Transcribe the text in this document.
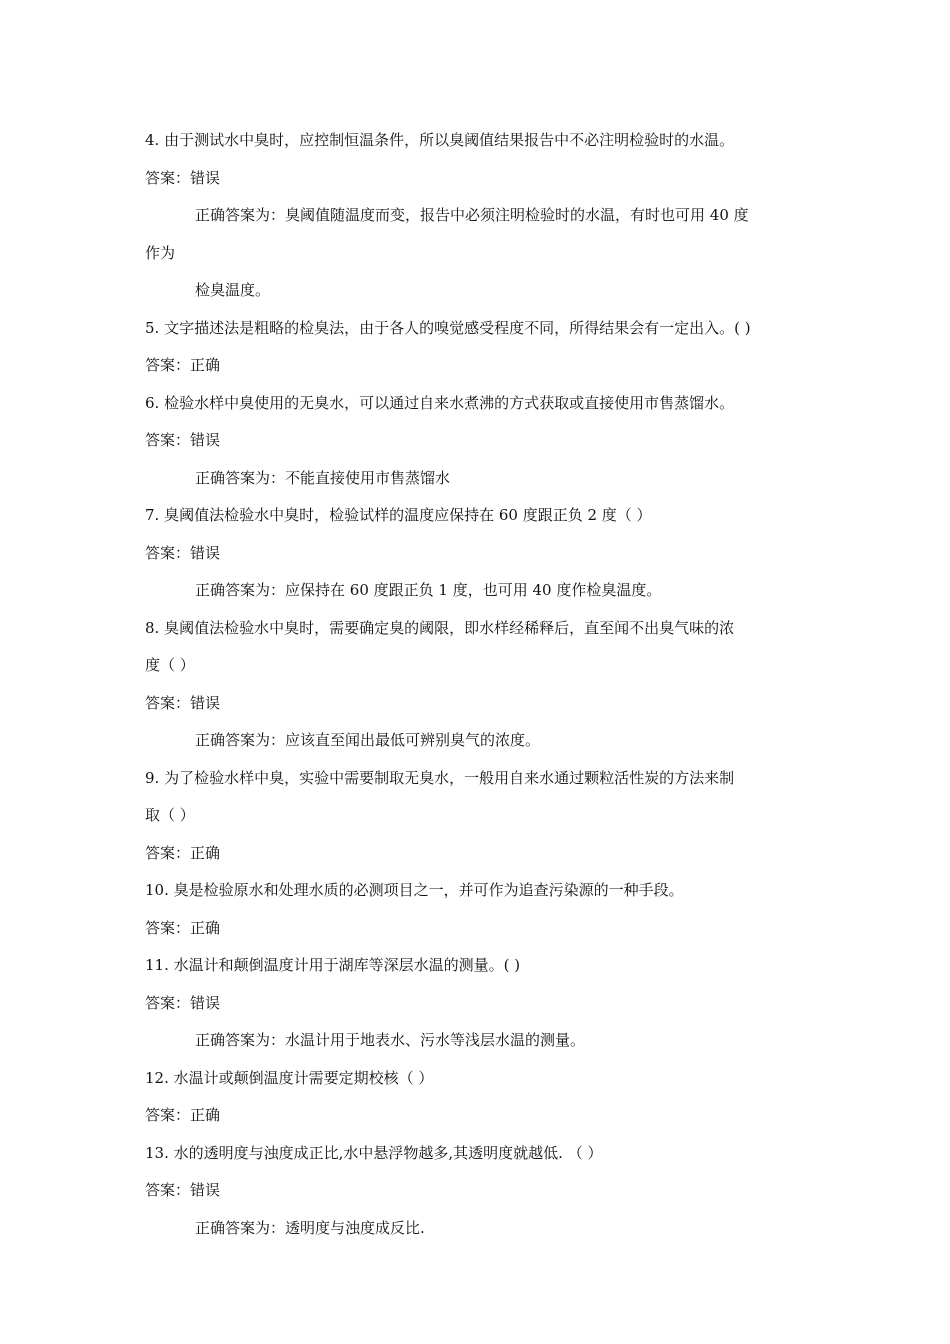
4. 由于测试水中臭时，应控制恒温条件，所以臭阈值结果报告中不必注明检验时的水温。
答案：错误
正确答案为：臭阈值随温度而变，报告中必须注明检验时的水温，有时也可用 40 度
作为
检臭温度。
5. 文字描述法是粗略的检臭法，由于各人的嗅觉感受程度不同，所得结果会有一定出入。( )
答案：正确
6. 检验水样中臭使用的无臭水，可以通过自来水煮沸的方式获取或直接使用市售蒸馏水。
答案：错误
正确答案为：不能直接使用市售蒸馏水
7. 臭阈值法检验水中臭时，检验试样的温度应保持在 60 度跟正负 2 度（ ）
答案：错误
正确答案为：应保持在 60 度跟正负 1 度，也可用 40 度作检臭温度。
8. 臭阈值法检验水中臭时，需要确定臭的阈限，即水样经稀释后，直至闻不出臭气味的浓
度（ ）
答案：错误
正确答案为：应该直至闻出最低可辨别臭气的浓度。
9. 为了检验水样中臭，实验中需要制取无臭水，一般用自来水通过颗粒活性炭的方法来制
取（ ）
答案：正确
10. 臭是检验原水和处理水质的必测项目之一，并可作为追查污染源的一种手段。
答案：正确
11. 水温计和颠倒温度计用于湖库等深层水温的测量。( )
答案：错误
正确答案为：水温计用于地表水、污水等浅层水温的测量。
12. 水温计或颠倒温度计需要定期校核（ ）
答案：正确
13. 水的透明度与浊度成正比,水中悬浮物越多,其透明度就越低. （ ）
答案：错误
正确答案为：透明度与浊度成反比.
